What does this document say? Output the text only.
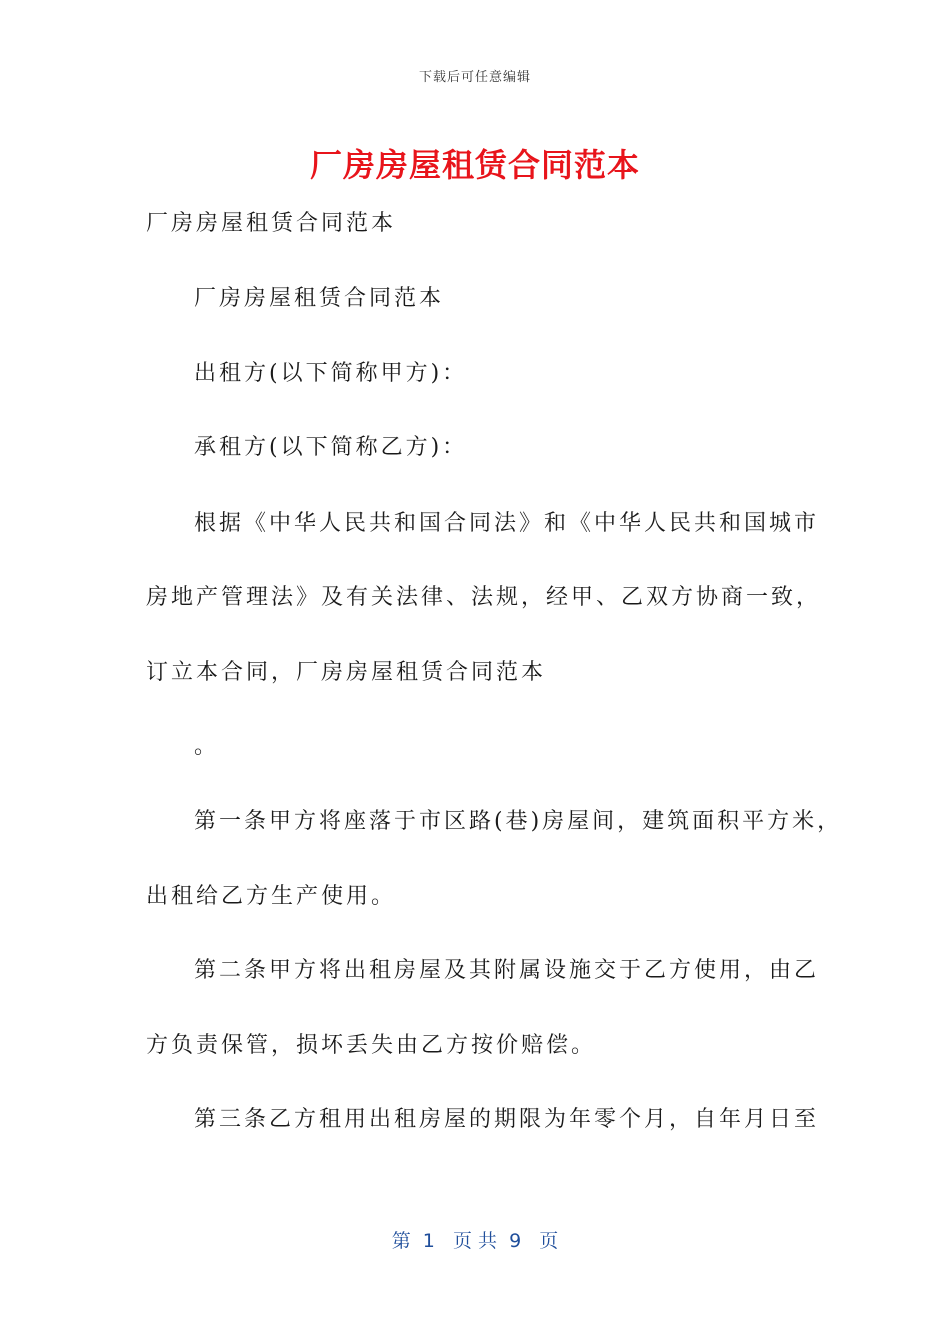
下载后可任意编辑
厂房房屋租赁合同范本
厂房房屋租赁合同范本
厂房房屋租赁合同范本
出租方(以下简称甲方)：
承租方(以下简称乙方)：
根据《中华人民共和国合同法》和《中华人民共和国城市
房地产管理法》及有关法律、法规，经甲、乙双方协商一致，
订立本合同，厂房房屋租赁合同范本
。
第一条甲方将座落于市区路(巷)房屋间，建筑面积平方米，
出租给乙方生产使用。
第二条甲方将出租房屋及其附属设施交于乙方使用，由乙
方负责保管，损坏丢失由乙方按价赔偿。
第三条乙方租用出租房屋的期限为年零个月，自年月日至
第  1   页 共  9   页
